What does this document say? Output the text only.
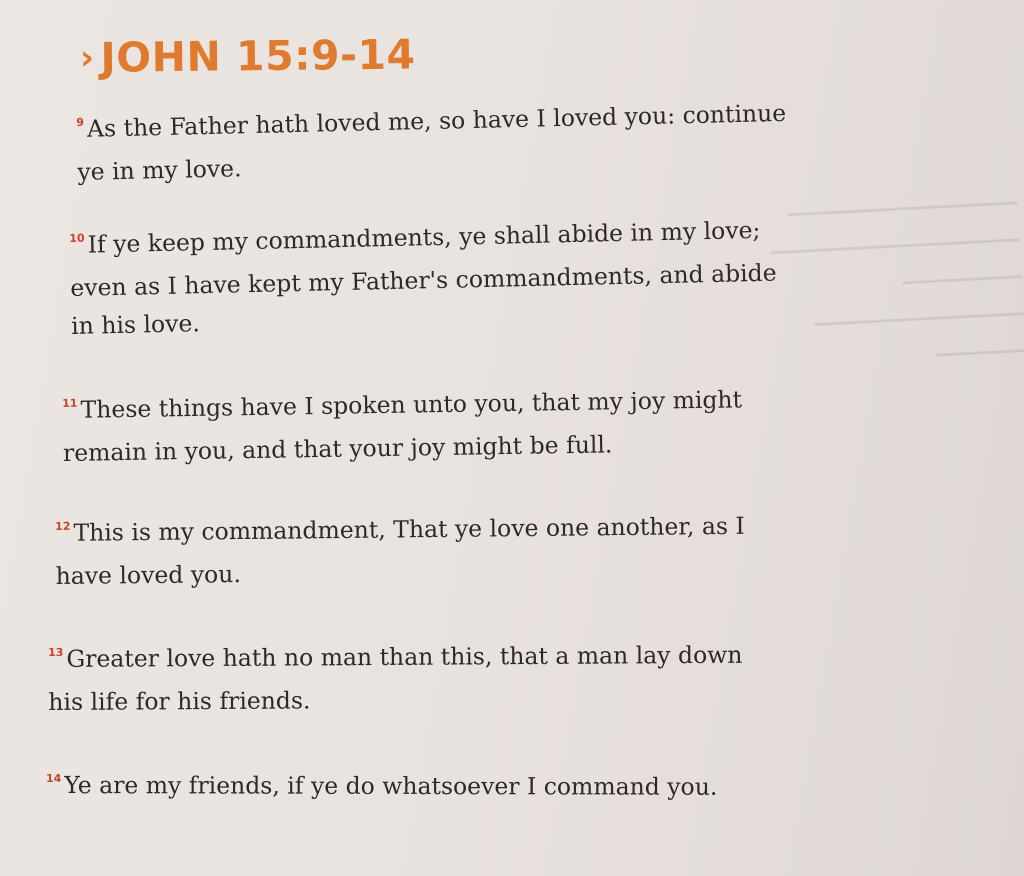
› JOHN 15:9-14

$^9$ As the Father hath loved me, so have I loved you: continue
ye in my love.

$^{10}$ If ye keep my commandments, ye shall abide in my love;
even as I have kept my Father's commandments, and abide
in his love.

$^{11}$ These things have I spoken unto you, that my joy might
remain in you, and that your joy might be full.

$^{12}$ This is my commandment, That ye love one another, as I
have loved you.

$^{13}$ Greater love hath no man than this, that a man lay down
his life for his friends.

$^{14}$ Ye are my friends, if ye do whatsoever I command you.
